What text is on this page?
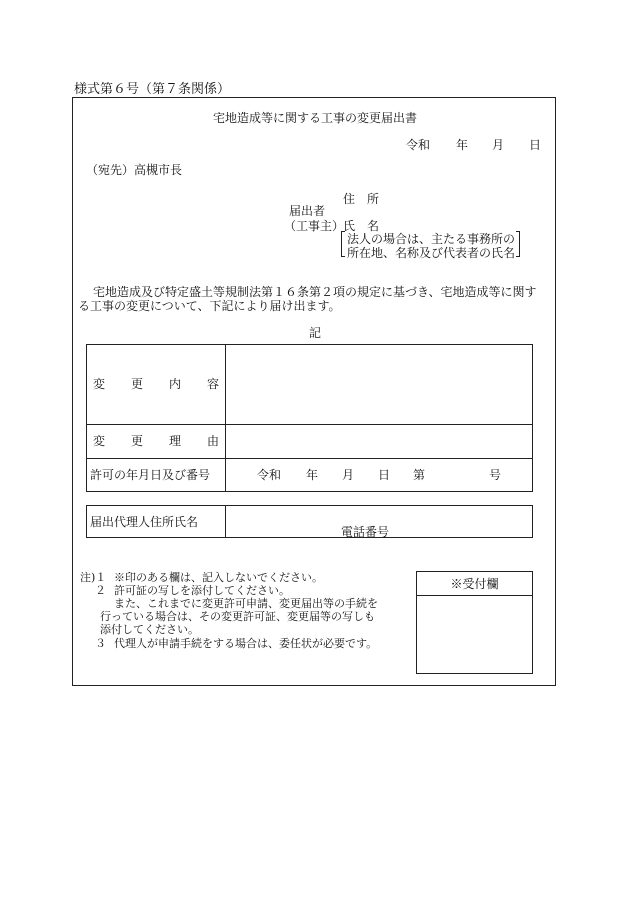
様式第６号（第７条関係）
宅地造成等に関する工事の変更届出書
令和 年 月 日
（宛先）高槻市長
届出者
（工事主）
住　所
氏　名
法人の場合は、主たる事務所の
所在地、名称及び代表者の氏名
宅地造成及び特定盛土等規制法第１６条第２項の規定に基づき、宅地造成等に関す
る工事の変更について、下記により届け出ます。
記
変 更 内 容
変 更 理 由
許可の年月日及び番号	令和 年 月 日 第	号
届出代理人住所氏名
電話番号
注)１ ※印のある欄は、記入しないでください。
２ 許可証の写しを添付してください。
また、これまでに変更許可申請、変更届出等の手続を
行っている場合は、その変更許可証、変更届等の写しも
添付してください。
３ 代理人が申請手続をする場合は、委任状が必要です。
※受付欄
